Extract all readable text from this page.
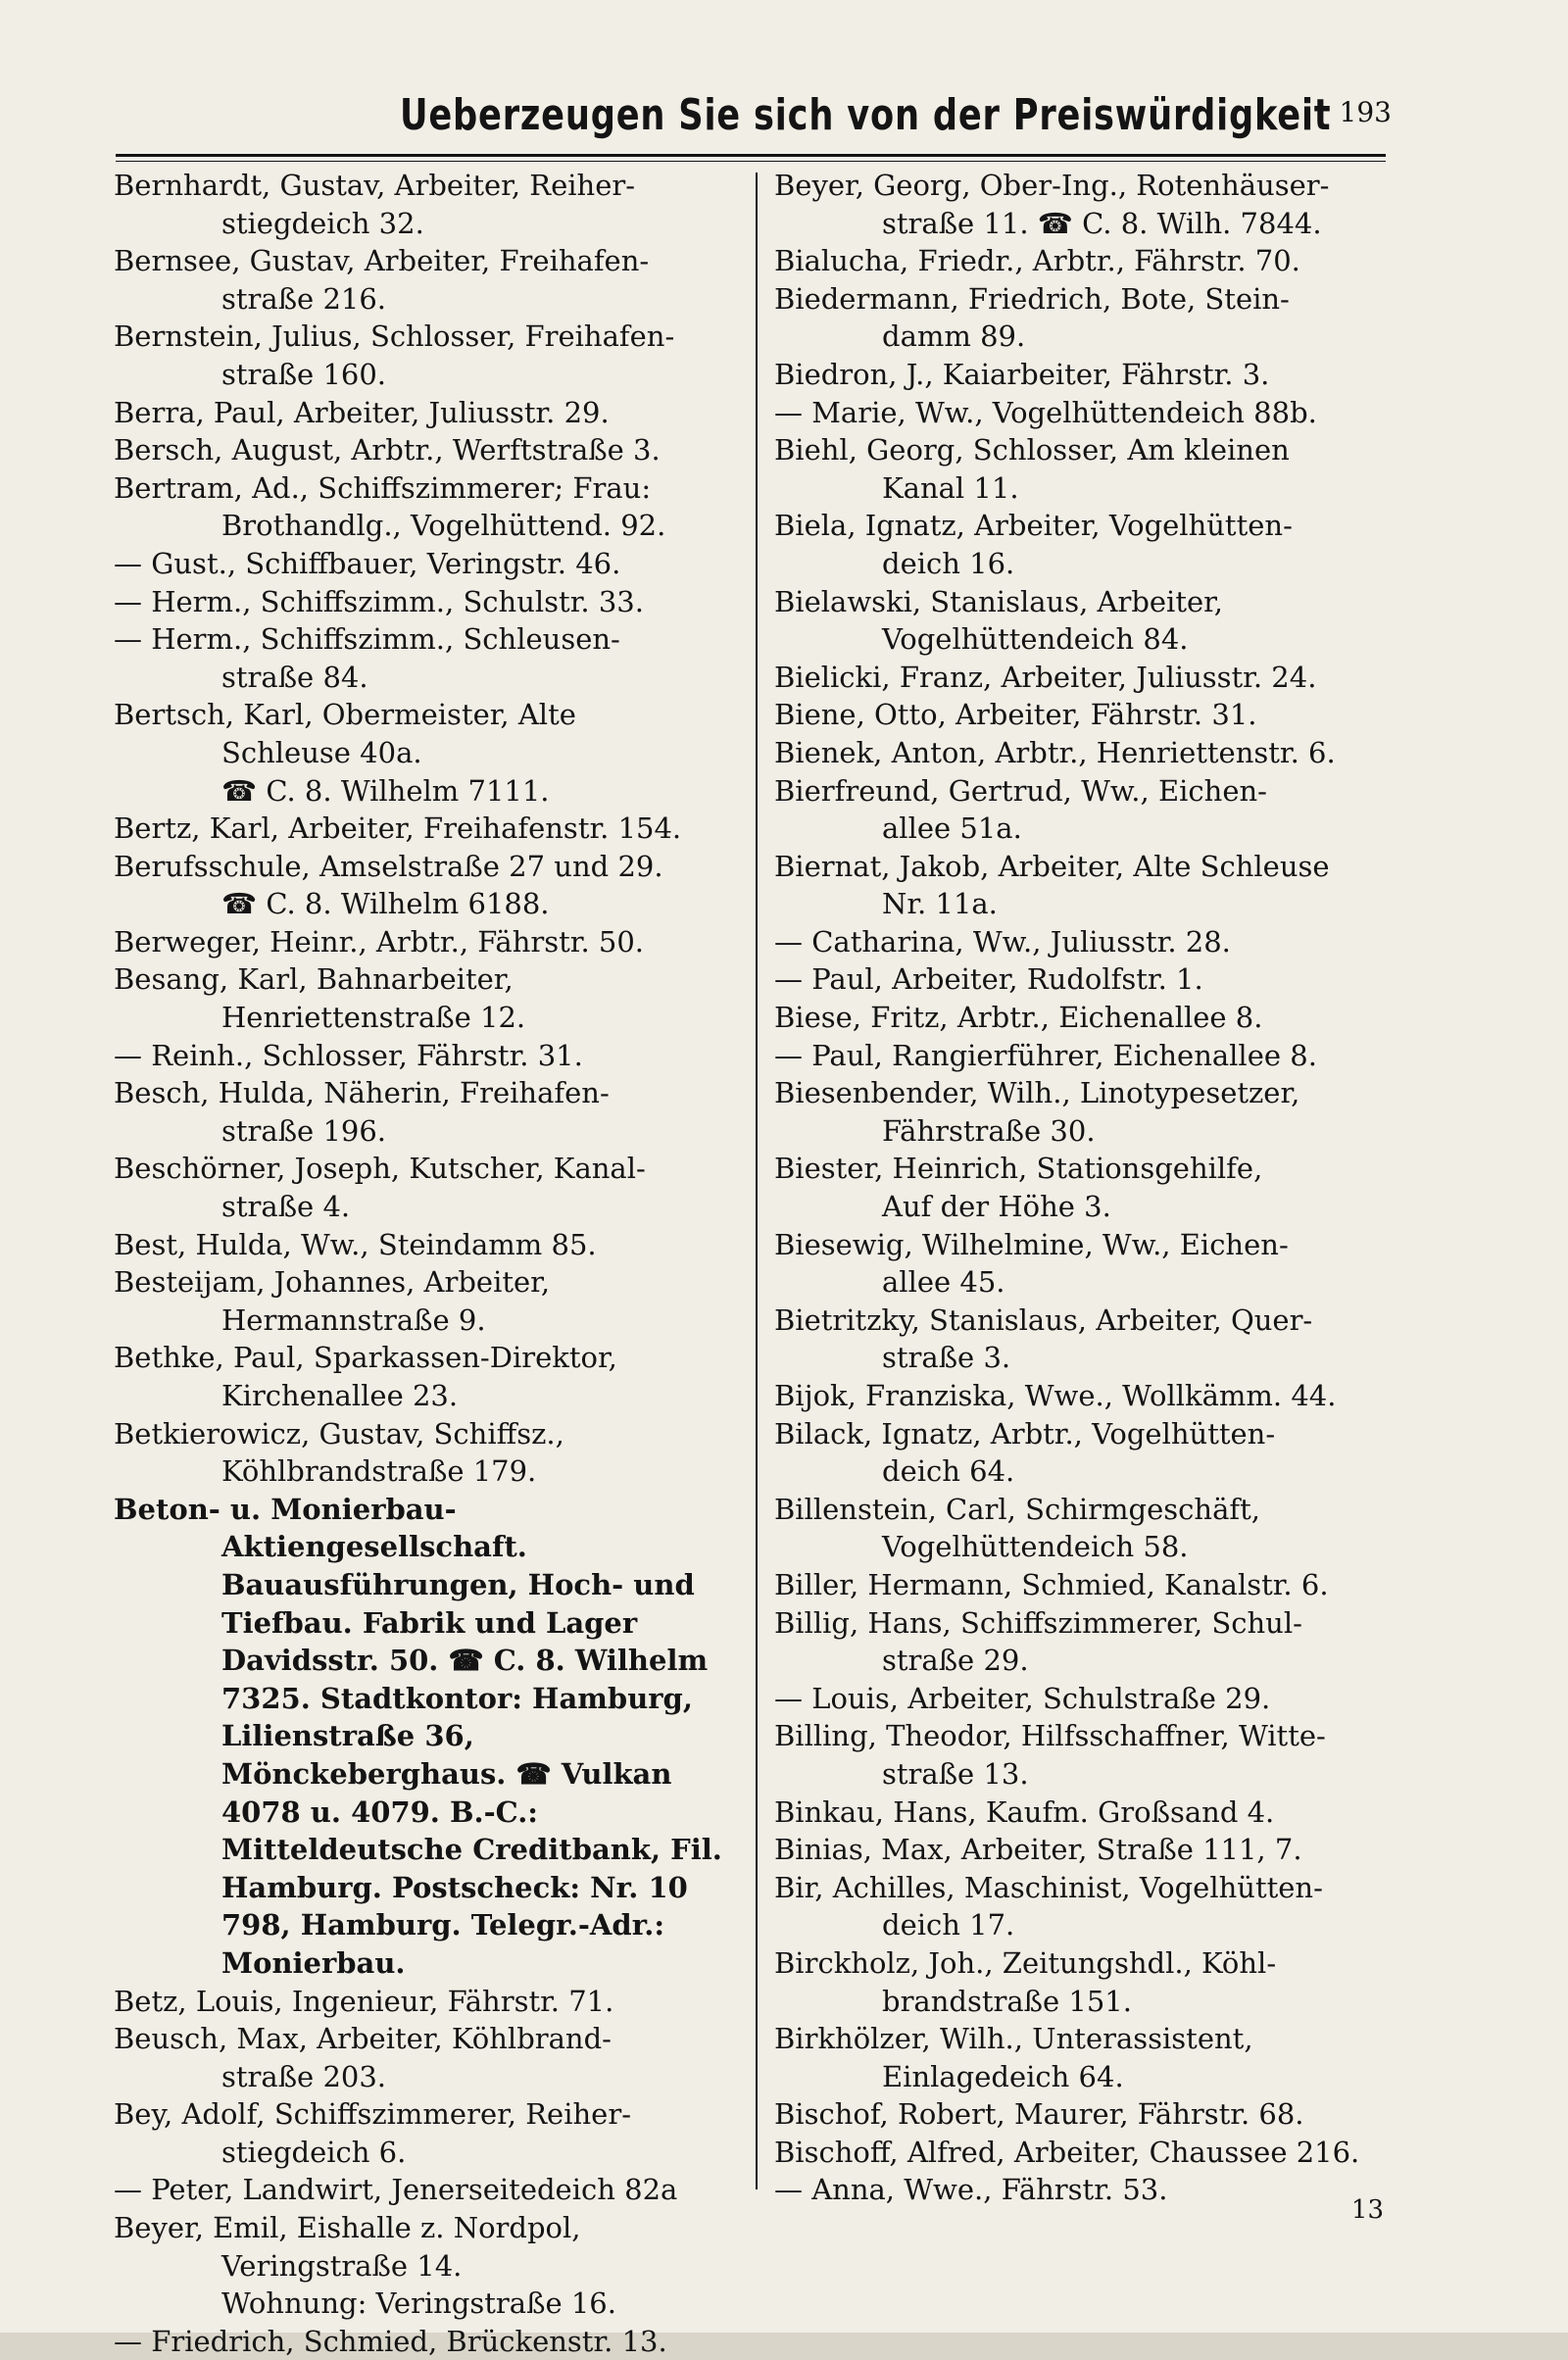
Ueberzeugen Sie sich von der Preiswürdigkeit 193
Bernhardt, Gustav, Arbeiter, Reiher-
stiegdeich 32.
Bernsee, Gustav, Arbeiter, Freihafen-
straße 216.
Bernstein, Julius, Schlosser, Freihafen-
straße 160.
Berra, Paul, Arbeiter, Juliusstr. 29.
Bersch, August, Arbtr., Werftstraße 3.
Bertram, Ad., Schiffszimmerer; Frau:
Brothandlg., Vogelhüttend. 92.
— Gust., Schiffbauer, Veringstr. 46.
— Herm., Schiffszimm., Schulstr. 33.
— Herm., Schiffszimm., Schleusen-
straße 84.
Bertsch, Karl, Obermeister, Alte
Schleuse 40a.
☎ C. 8. Wilhelm 7111.
Bertz, Karl, Arbeiter, Freihafenstr. 154.
Berufsschule, Amselstraße 27 und 29.
☎ C. 8. Wilhelm 6188.
Berweger, Heinr., Arbtr., Fährstr. 50.
Besang, Karl, Bahnarbeiter,
Henriettenstraße 12.
— Reinh., Schlosser, Fährstr. 31.
Besch, Hulda, Näherin, Freihafen-
straße 196.
Beschörner, Joseph, Kutscher, Kanal-
straße 4.
Best, Hulda, Ww., Steindamm 85.
Besteijam, Johannes, Arbeiter,
Hermannstraße 9.
Bethke, Paul, Sparkassen-Direktor,
Kirchenallee 23.
Betkierowicz, Gustav, Schiffsz.,
Köhlbrandstraße 179.
Beton- u. Monierbau-Aktiengesellschaft. Bauausführungen, Hoch- und Tiefbau. Fabrik und Lager Davidsstr. 50. ☎ C. 8. Wilhelm 7325. Stadtkontor: Hamburg, Lilienstraße 36, Mönckeberghaus. ☎ Vulkan 4078 u. 4079. B.-C.: Mitteldeutsche Creditbank, Fil. Hamburg. Postscheck: Nr. 10 798, Hamburg. Telegr.-Adr.: Monierbau.
Betz, Louis, Ingenieur, Fährstr. 71.
Beusch, Max, Arbeiter, Köhlbrand-
straße 203.
Bey, Adolf, Schiffszimmerer, Reiher-
stiegdeich 6.
— Peter, Landwirt, Jenerseitedeich 82a
Beyer, Emil, Eishalle z. Nordpol,
Veringstraße 14.
Wohnung: Veringstraße 16.
— Friedrich, Schmied, Brückenstr. 13.
Beyer, Georg, Ober-Ing., Rotenhäuser-
straße 11. ☎ C. 8. Wilh. 7844.
Bialucha, Friedr., Arbtr., Fährstr. 70.
Biedermann, Friedrich, Bote, Stein-
damm 89.
Biedron, J., Kaiarbeiter, Fährstr. 3.
— Marie, Ww., Vogelhüttendeich 88b.
Biehl, Georg, Schlosser, Am kleinen
Kanal 11.
Biela, Ignatz, Arbeiter, Vogelhütten-
deich 16.
Bielawski, Stanislaus, Arbeiter,
Vogelhüttendeich 84.
Bielicki, Franz, Arbeiter, Juliusstr. 24.
Biene, Otto, Arbeiter, Fährstr. 31.
Bienek, Anton, Arbtr., Henriettenstr. 6.
Bierfreund, Gertrud, Ww., Eichen-
allee 51a.
Biernat, Jakob, Arbeiter, Alte Schleuse
Nr. 11a.
— Catharina, Ww., Juliusstr. 28.
— Paul, Arbeiter, Rudolfstr. 1.
Biese, Fritz, Arbtr., Eichenallee 8.
— Paul, Rangierführer, Eichenallee 8.
Biesenbender, Wilh., Linotypesetzer,
Fährstraße 30.
Biester, Heinrich, Stationsgehilfe,
Auf der Höhe 3.
Biesewig, Wilhelmine, Ww., Eichen-
allee 45.
Bietritzky, Stanislaus, Arbeiter, Quer-
straße 3.
Bijok, Franziska, Wwe., Wollkämm. 44.
Bilack, Ignatz, Arbtr., Vogelhütten-
deich 64.
Billenstein, Carl, Schirmgeschäft,
Vogelhüttendeich 58.
Biller, Hermann, Schmied, Kanalstr. 6.
Billig, Hans, Schiffszimmerer, Schul-
straße 29.
— Louis, Arbeiter, Schulstraße 29.
Billing, Theodor, Hilfsschaffner, Witte-
straße 13.
Binkau, Hans, Kaufm. Großsand 4.
Binias, Max, Arbeiter, Straße 111, 7.
Bir, Achilles, Maschinist, Vogelhütten-
deich 17.
Birckholz, Joh., Zeitungshdl., Köhl-
brandstraße 151.
Birkhölzer, Wilh., Unterassistent,
Einlagedeich 64.
Bischof, Robert, Maurer, Fährstr. 68.
Bischoff, Alfred, Arbeiter, Chaussee 216.
— Anna, Wwe., Fährstr. 53.
13
